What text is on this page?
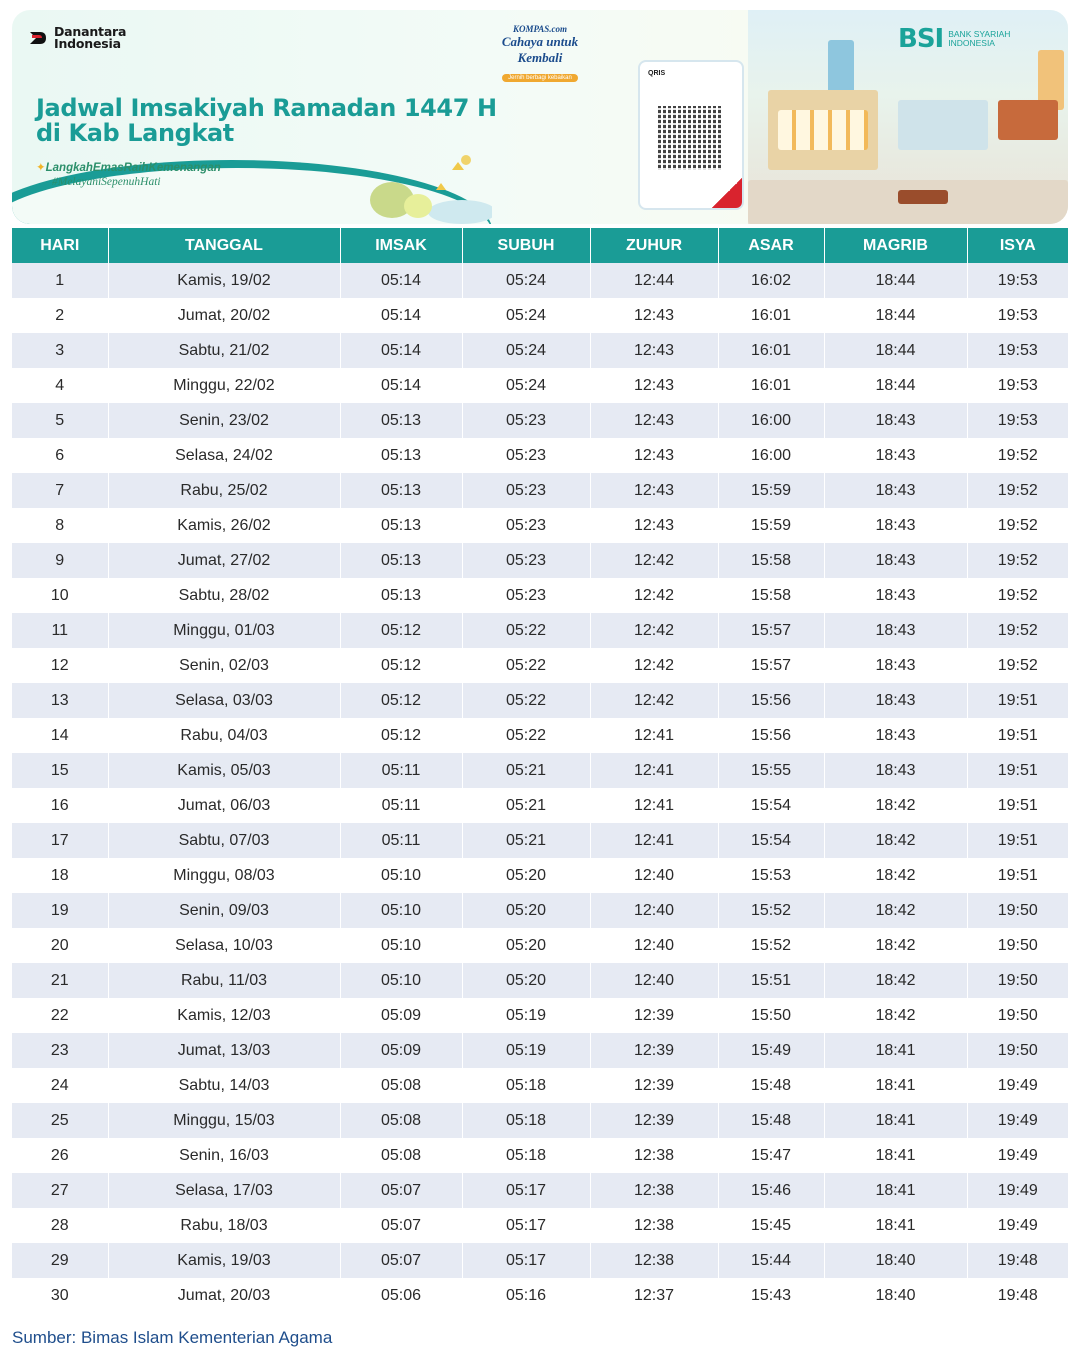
Danantara
Indonesia
KOMPAS.com
Cahaya untuk Kembali
Jernih berbagi kebaikan
Jadwal Imsakiyah Ramadan 1447 H
di Kab Langkat
✦LangkahEmasRaihKemenangan
#MelayaniSepenuhHati
QRIS
BSI BANK SYARIAH
INDONESIA
HARI	TANGGAL	IMSAK	SUBUH	ZUHUR	ASAR	MAGRIB	ISYA
1	Kamis, 19/02	05:14	05:24	12:44	16:02	18:44	19:53
2	Jumat, 20/02	05:14	05:24	12:43	16:01	18:44	19:53
3	Sabtu, 21/02	05:14	05:24	12:43	16:01	18:44	19:53
4	Minggu, 22/02	05:14	05:24	12:43	16:01	18:44	19:53
5	Senin, 23/02	05:13	05:23	12:43	16:00	18:43	19:53
6	Selasa, 24/02	05:13	05:23	12:43	16:00	18:43	19:52
7	Rabu, 25/02	05:13	05:23	12:43	15:59	18:43	19:52
8	Kamis, 26/02	05:13	05:23	12:43	15:59	18:43	19:52
9	Jumat, 27/02	05:13	05:23	12:42	15:58	18:43	19:52
10	Sabtu, 28/02	05:13	05:23	12:42	15:58	18:43	19:52
11	Minggu, 01/03	05:12	05:22	12:42	15:57	18:43	19:52
12	Senin, 02/03	05:12	05:22	12:42	15:57	18:43	19:52
13	Selasa, 03/03	05:12	05:22	12:42	15:56	18:43	19:51
14	Rabu, 04/03	05:12	05:22	12:41	15:56	18:43	19:51
15	Kamis, 05/03	05:11	05:21	12:41	15:55	18:43	19:51
16	Jumat, 06/03	05:11	05:21	12:41	15:54	18:42	19:51
17	Sabtu, 07/03	05:11	05:21	12:41	15:54	18:42	19:51
18	Minggu, 08/03	05:10	05:20	12:40	15:53	18:42	19:51
19	Senin, 09/03	05:10	05:20	12:40	15:52	18:42	19:50
20	Selasa, 10/03	05:10	05:20	12:40	15:52	18:42	19:50
21	Rabu, 11/03	05:10	05:20	12:40	15:51	18:42	19:50
22	Kamis, 12/03	05:09	05:19	12:39	15:50	18:42	19:50
23	Jumat, 13/03	05:09	05:19	12:39	15:49	18:41	19:50
24	Sabtu, 14/03	05:08	05:18	12:39	15:48	18:41	19:49
25	Minggu, 15/03	05:08	05:18	12:39	15:48	18:41	19:49
26	Senin, 16/03	05:08	05:18	12:38	15:47	18:41	19:49
27	Selasa, 17/03	05:07	05:17	12:38	15:46	18:41	19:49
28	Rabu, 18/03	05:07	05:17	12:38	15:45	18:41	19:49
29	Kamis, 19/03	05:07	05:17	12:38	15:44	18:40	19:48
30	Jumat, 20/03	05:06	05:16	12:37	15:43	18:40	19:48
Sumber: Bimas Islam Kementerian Agama
